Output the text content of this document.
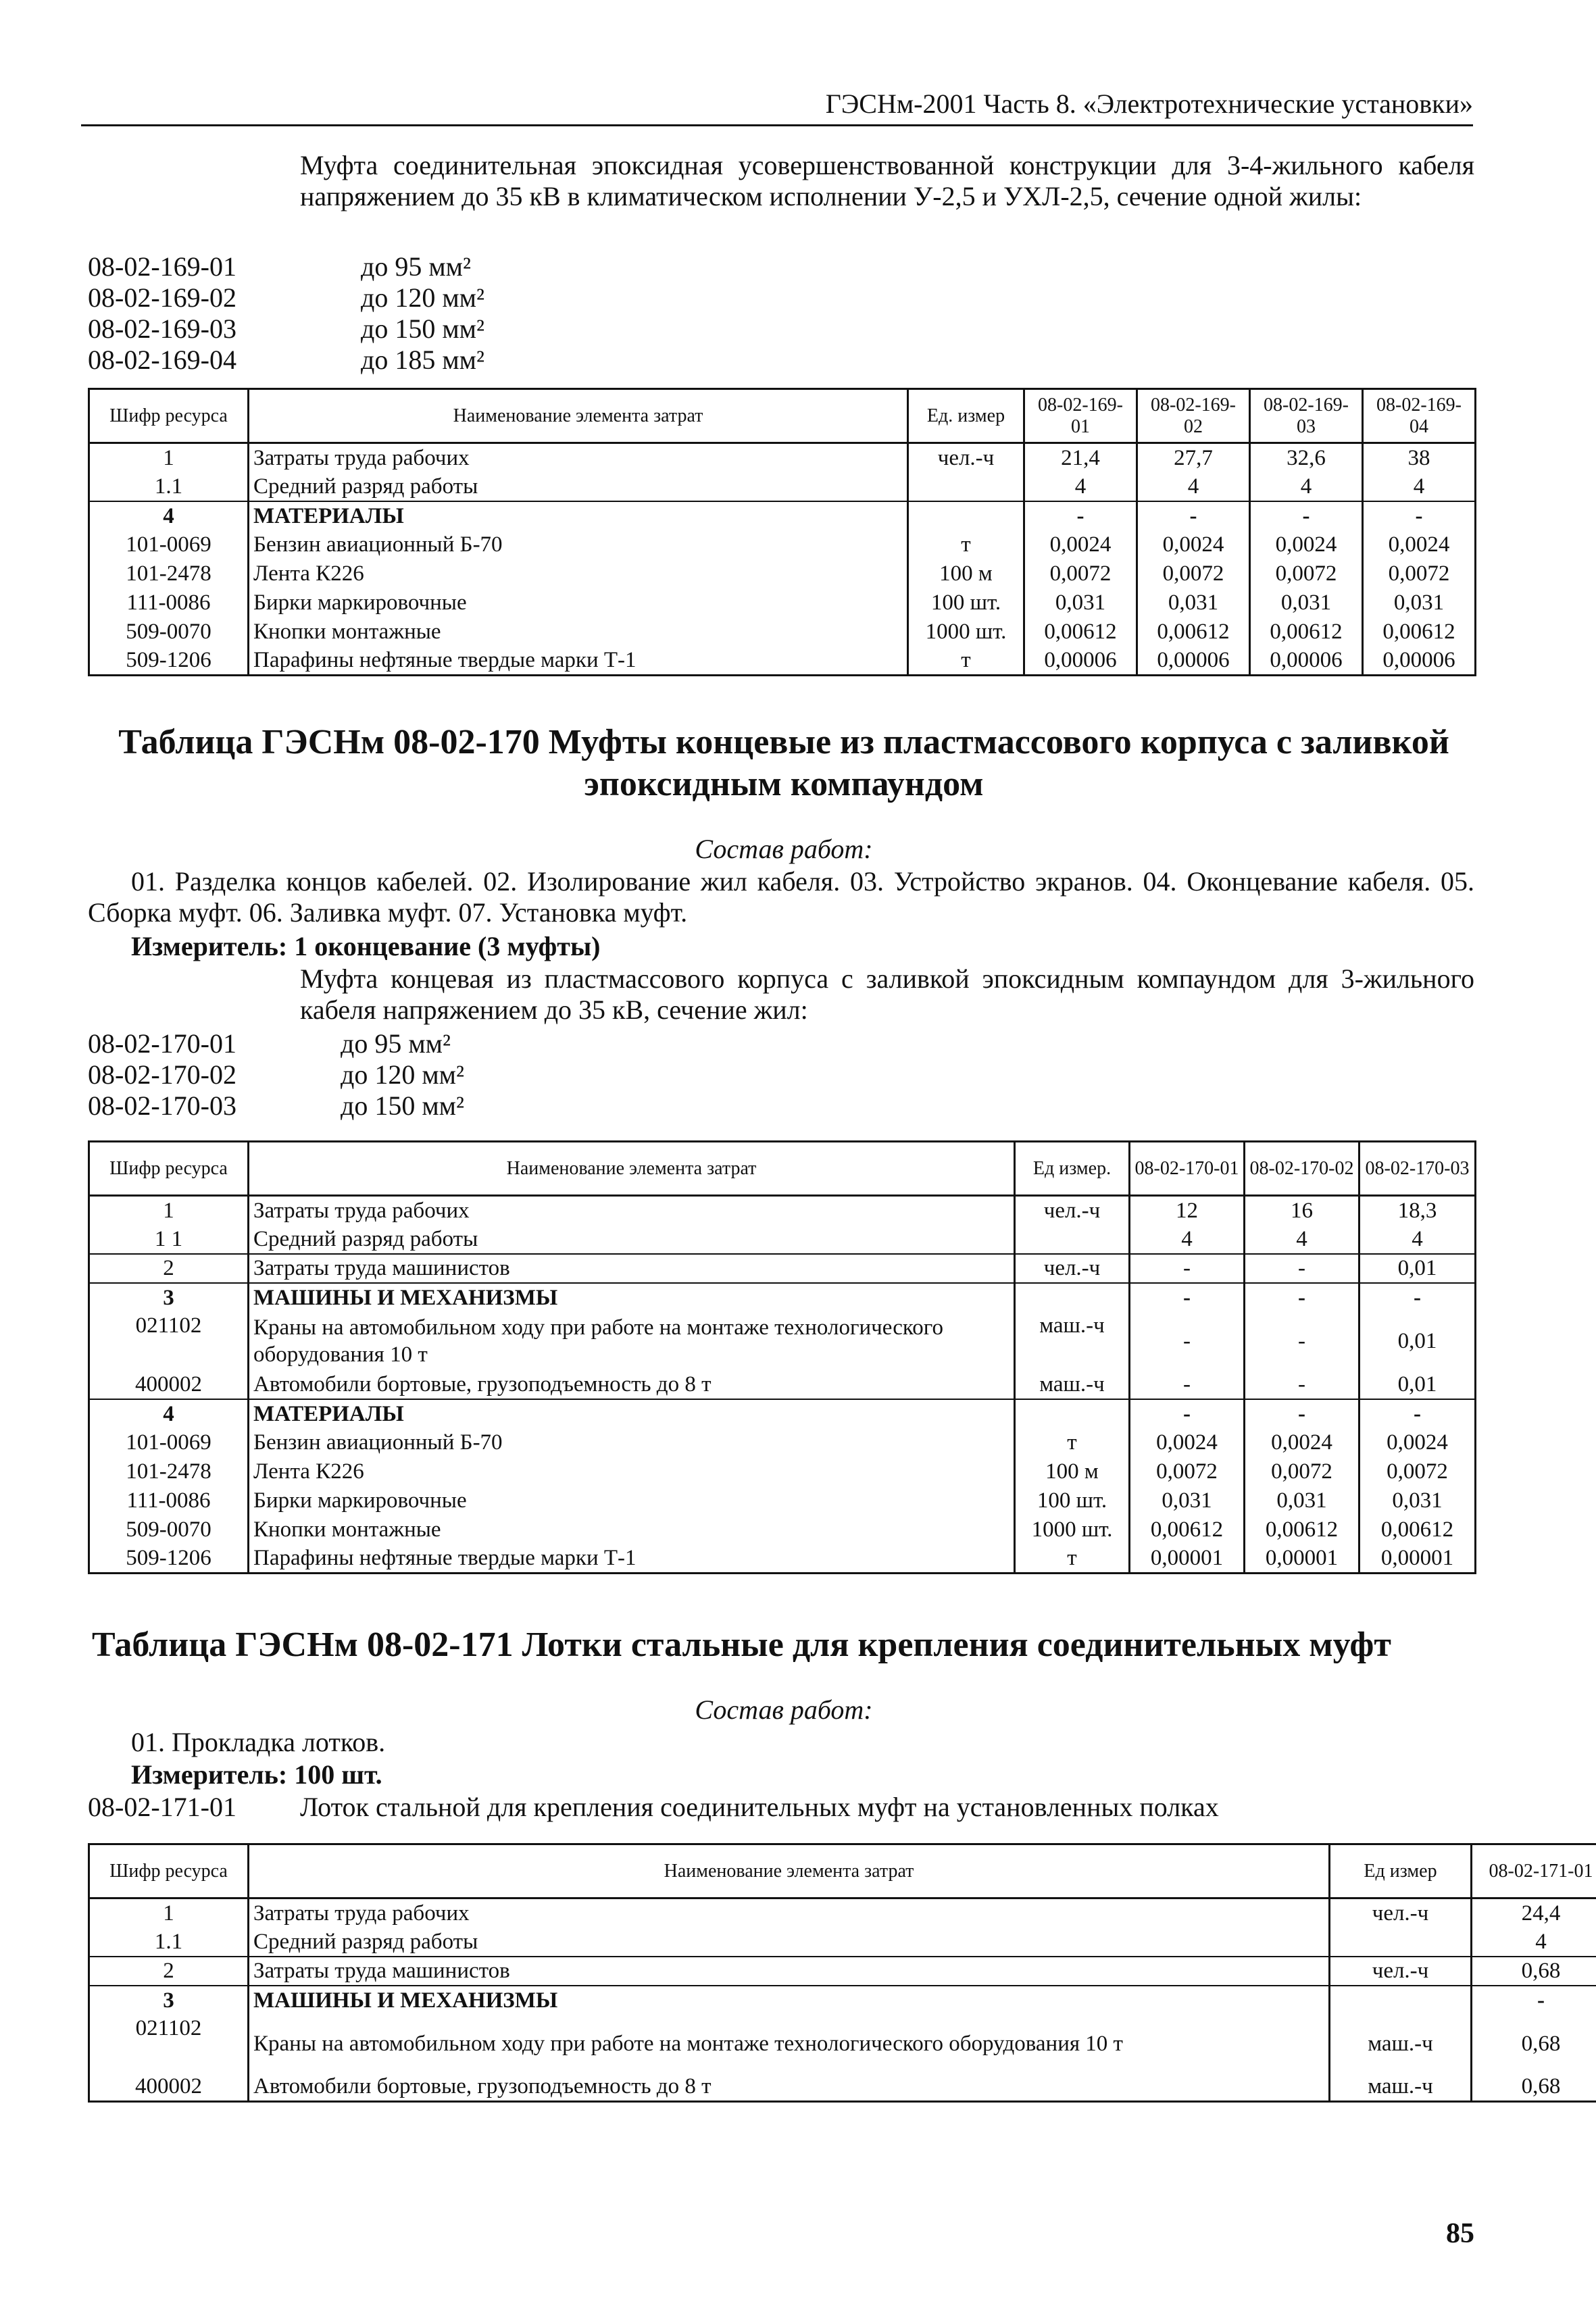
ГЭСНм-2001 Часть 8. «Электротехнические установки»
Муфта соединительная эпоксидная усовершенствованной конструкции для 3-4-жильного кабеля напряжением до 35 кВ в климатическом исполнении У-2,5 и УХЛ-2,5, сечение одной жилы:
08-02-169-01	до 95 мм²
08-02-169-02	до 120 мм²
08-02-169-03	до 150 мм²
08-02-169-04	до 185 мм²
Шифр ресурса	Наименование элемента затрат	Ед. измер	08-02-169-01	08-02-169-02	08-02-169-03	08-02-169-04
1	Затраты труда рабочих	чел.-ч	21,4	27,7	32,6	38
1.1	Средний разряд работы		4	4	4	4
4	МАТЕРИАЛЫ		-	-	-	-
101-0069	Бензин авиационный Б-70	т	0,0024	0,0024	0,0024	0,0024
101-2478	Лента К226	100 м	0,0072	0,0072	0,0072	0,0072
111-0086	Бирки маркировочные	100 шт.	0,031	0,031	0,031	0,031
509-0070	Кнопки монтажные	1000 шт.	0,00612	0,00612	0,00612	0,00612
509-1206	Парафины нефтяные твердые марки Т-1	т	0,00006	0,00006	0,00006	0,00006
Таблица ГЭСНм 08-02-170 Муфты концевые из пластмассового корпуса с заливкой
эпоксидным компаундом
Состав работ:
01. Разделка концов кабелей. 02. Изолирование жил кабеля. 03. Устройство экранов. 04. Оконцевание кабеля. 05. Сборка муфт. 06. Заливка муфт. 07. Установка муфт.
Измеритель: 1 оконцевание (3 муфты)
Муфта концевая из пластмассового корпуса с заливкой эпоксидным компаундом для 3-жильного кабеля напряжением до 35 кВ, сечение жил:
08-02-170-01	до 95 мм²
08-02-170-02	до 120 мм²
08-02-170-03	до 150 мм²
Шифр ресурса	Наименование элемента затрат	Ед измер.	08-02-170-01	08-02-170-02	08-02-170-03
1	Затраты труда рабочих	чел.-ч	12	16	18,3
1 1	Средний разряд работы		4	4	4
2	Затраты труда машинистов	чел.-ч	-	-	0,01
3	МАШИНЫ И МЕХАНИЗМЫ		-	-	-
021102	Краны на автомобильном ходу при работе на монтаже технологического оборудования 10 т	маш.-ч	-	-	0,01
400002	Автомобили бортовые, грузоподъемность до 8 т	маш.-ч	-	-	0,01
4	МАТЕРИАЛЫ		-	-	-
101-0069	Бензин авиационный Б-70	т	0,0024	0,0024	0,0024
101-2478	Лента К226	100 м	0,0072	0,0072	0,0072
111-0086	Бирки маркировочные	100 шт.	0,031	0,031	0,031
509-0070	Кнопки монтажные	1000 шт.	0,00612	0,00612	0,00612
509-1206	Парафины нефтяные твердые марки Т-1	т	0,00001	0,00001	0,00001
Таблица ГЭСНм 08-02-171 Лотки стальные для крепления соединительных муфт
Состав работ:
01. Прокладка лотков.
Измеритель: 100 шт.
08-02-171-01 Лоток стальной для крепления соединительных муфт на установленных полках
Шифр ресурса	Наименование элемента затрат	Ед измер	08-02-171-01
1	Затраты труда рабочих	чел.-ч	24,4
1.1	Средний разряд работы		4
2	Затраты труда машинистов	чел.-ч	0,68
3	МАШИНЫ И МЕХАНИЗМЫ		-
021102	Краны на автомобильном ходу при работе на монтаже технологического оборудования 10 т	маш.-ч	0,68
400002	Автомобили бортовые, грузоподъемность до 8 т	маш.-ч	0,68
85
